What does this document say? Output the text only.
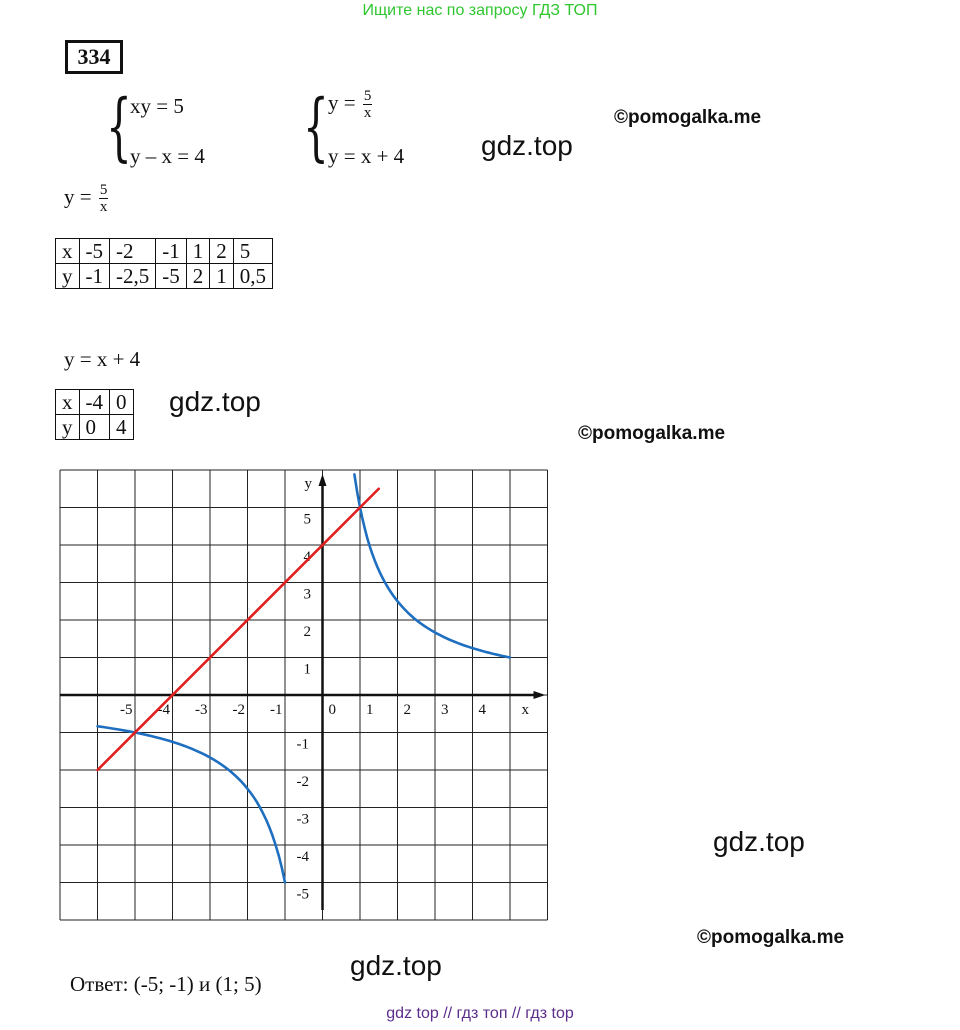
Ищите нас по запросу ГДЗ ТОП
334
{
xy = 5
y – x = 4 { $y = \frac{5}{x}$
y = x + 4	gdz.top
©pomogalka.me
$y = \frac{5}{x}$
x	-5	-2	-1	1	2	5
y	-1	-2,5	-5	2	1	0,5
y = x + 4
x	-4	0
y	0	4
gdz.top
©pomogalka.me
x
y
-5 -4 -3 -2 -1	0 1 2 3 4
5
4
3
2
1
-1
-2
-3
-4
-5
gdz.top
©pomogalka.me
gdz.top
Ответ: (-5; -1) и (1; 5)
gdz top // гдз топ // гдз top
